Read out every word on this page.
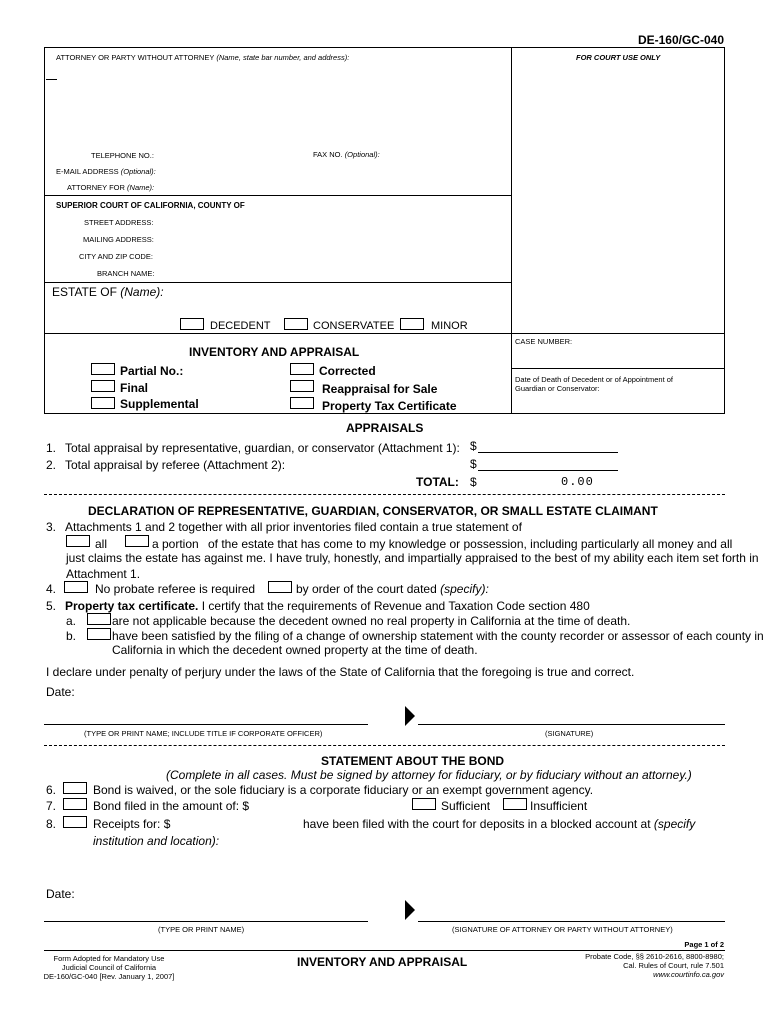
DE-160/GC-040
ATTORNEY OR PARTY WITHOUT ATTORNEY (Name, state bar number, and address):	FOR COURT USE ONLY
TELEPHONE NO.:	FAX NO. (Optional):
E-MAIL ADDRESS (Optional):
ATTORNEY FOR (Name):
SUPERIOR COURT OF CALIFORNIA, COUNTY OF
STREET ADDRESS:
MAILING ADDRESS:
CITY AND ZIP CODE:
BRANCH NAME:
ESTATE OF (Name):
DECEDENT	CONSERVATEE	MINOR
CASE NUMBER:
Date of Death of Decedent or of Appointment of
Guardian or Conservator:
INVENTORY AND APPRAISAL
Partial No.:
Final
Supplemental
Corrected
Reappraisal for Sale
Property Tax Certificate
APPRAISALS
1. Total appraisal by representative, guardian, or conservator (Attachment 1): $
2. Total appraisal by referee (Attachment 2):	$
TOTAL: $	0.00
DECLARATION OF REPRESENTATIVE, GUARDIAN, CONSERVATOR, OR SMALL ESTATE CLAIMANT
3. Attachments 1 and 2 together with all prior inventories filed contain a true statement of
all	a portion of the estate that has come to my knowledge or possession, including particularly all money and all
just claims the estate has against me. I have truly, honestly, and impartially appraised to the best of my ability each item set forth in
Attachment 1.
4.	No probate referee is required	by order of the court dated (specify):
5. Property tax certificate. I certify that the requirements of Revenue and Taxation Code section 480
a.	are not applicable because the decedent owned no real property in California at the time of death.
b.	have been satisfied by the filing of a change of ownership statement with the county recorder or assessor of each county in
California in which the decedent owned property at the time of death.
I declare under penalty of perjury under the laws of the State of California that the foregoing is true and correct.
Date:
(TYPE OR PRINT NAME; INCLUDE TITLE IF CORPORATE OFFICER)	(SIGNATURE)
STATEMENT ABOUT THE BOND
(Complete in all cases. Must be signed by attorney for fiduciary, or by fiduciary without an attorney.)
6.	Bond is waived, or the sole fiduciary is a corporate fiduciary or an exempt government agency.
7.	Bond filed in the amount of: $	Sufficient	Insufficient
8.	Receipts for: $	have been filed with the court for deposits in a blocked account at (specify
institution and location):
Date:
(TYPE OR PRINT NAME)	(SIGNATURE OF ATTORNEY OR PARTY WITHOUT ATTORNEY)
Page 1 of 2
Form Adopted for Mandatory Use
Judicial Council of California
DE-160/GC-040 [Rev. January 1, 2007]
INVENTORY AND APPRAISAL	Probate Code, §§ 2610-2616, 8800-8980;
Cal. Rules of Court, rule 7.501
www.courtinfo.ca.gov
